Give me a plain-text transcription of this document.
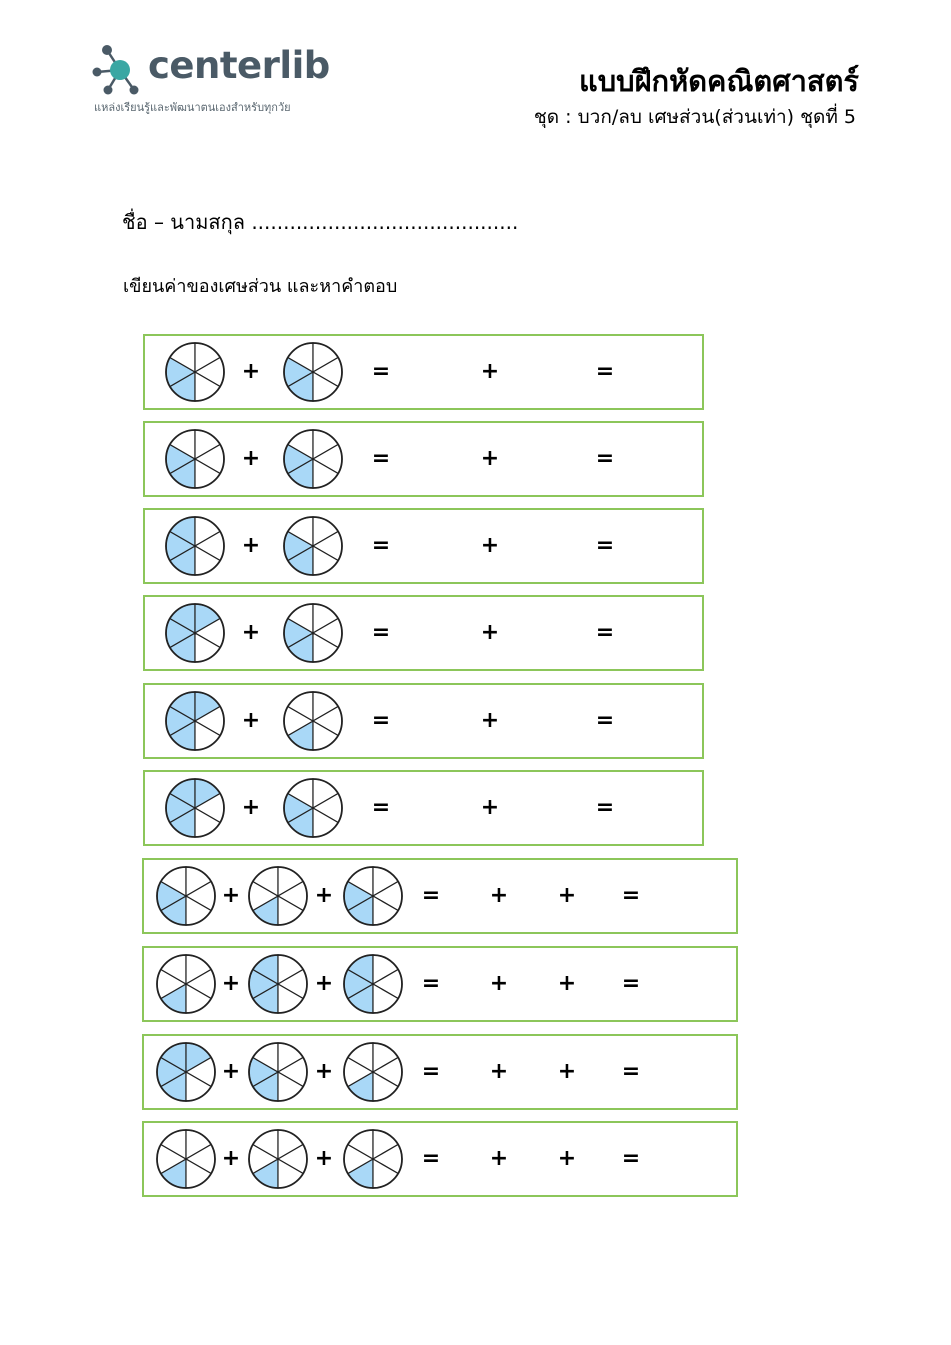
centerlib
แหล่งเรียนรู้และพัฒนาตนเองสำหรับทุกวัย
แบบฝึกหัดคณิตศาสตร์
ชุด : บวก/ลบ เศษส่วน(ส่วนเท่า) ชุดที่ 5
ชื่อ – นามสกุล ..........................................
เขียนค่าของเศษส่วน และหาคำตอบ
+	=	+	=
+	=	+	=
+	=	+	=
+	=	+	=
+	=	+	=
+	=	+	=
+	+	= + + =
+	+	= + + =
+	+	= + + =
+	+	= + + =
